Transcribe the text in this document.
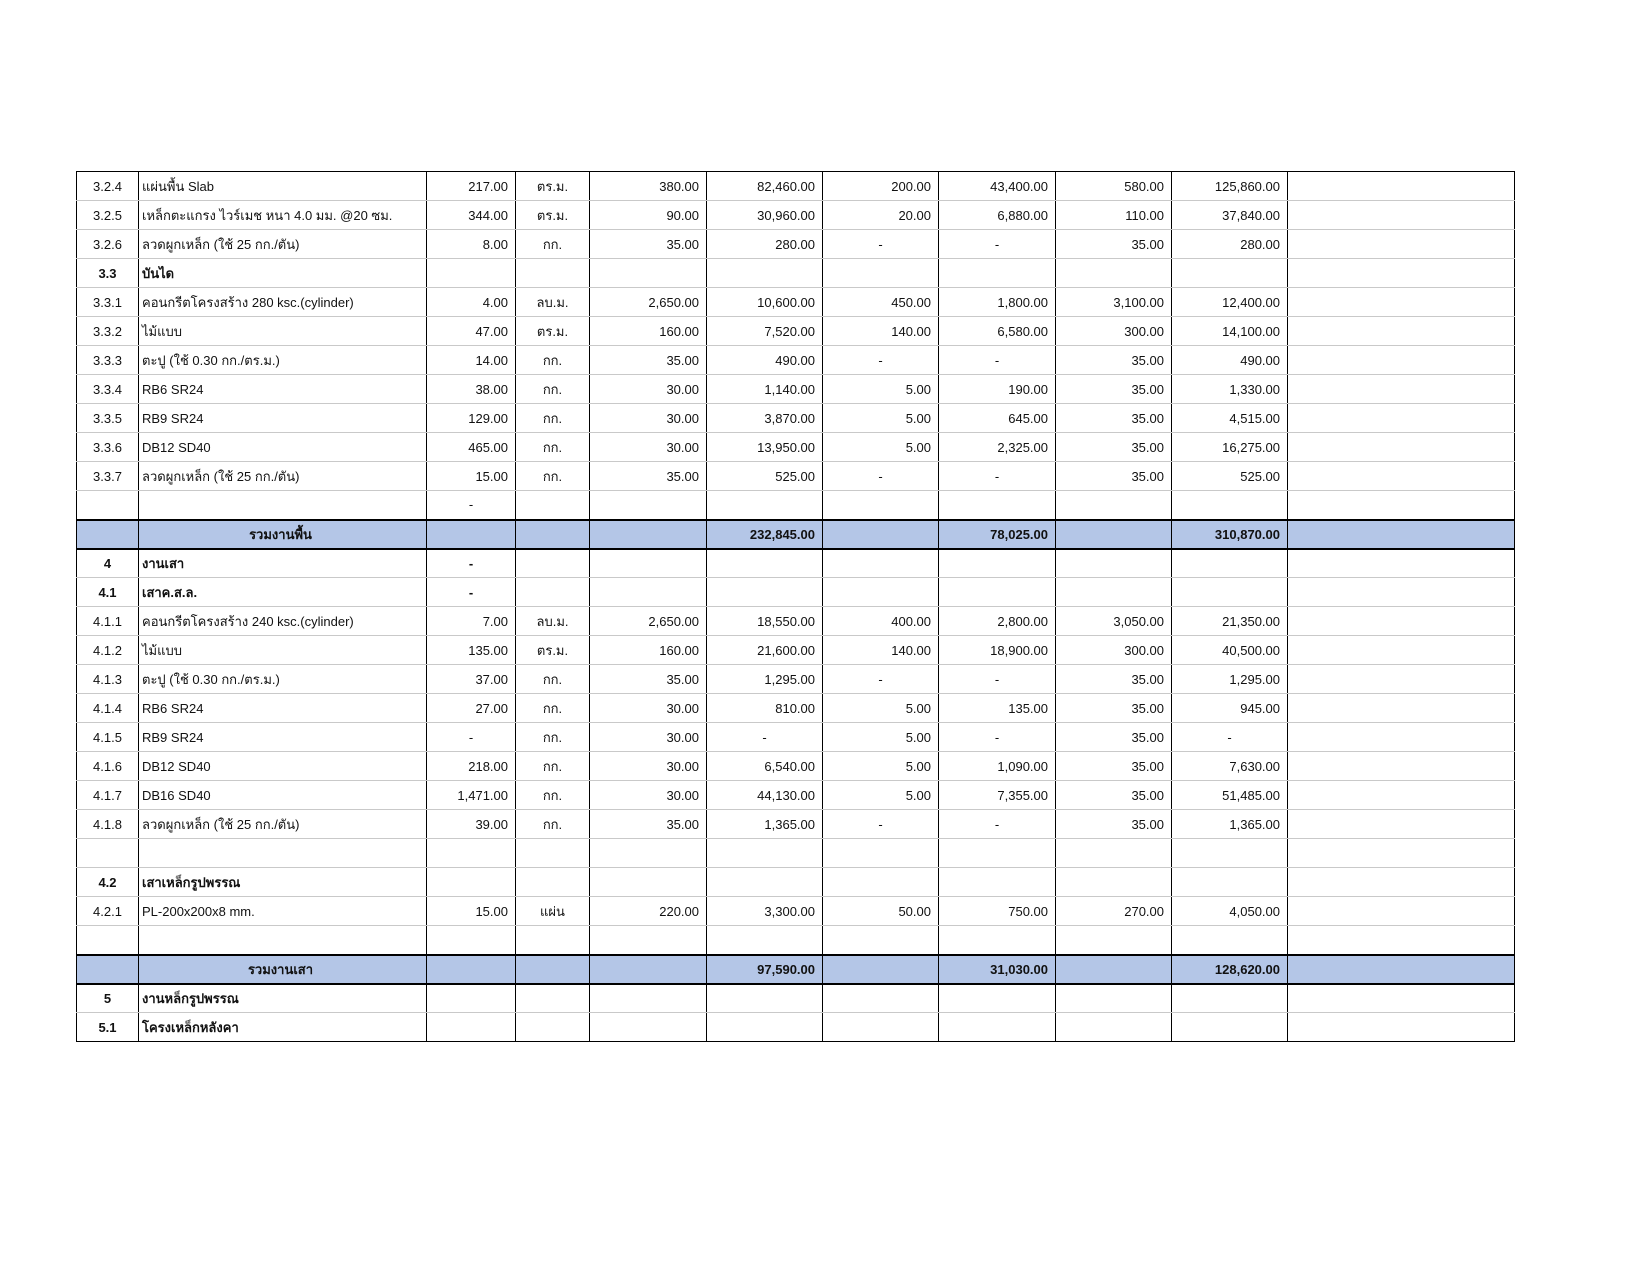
3.2.4	แผ่นพื้น Slab	217.00	ตร.ม.	380.00	82,460.00	200.00	43,400.00	580.00	125,860.00	
3.2.5	เหล็กตะแกรง ไวร์เมช หนา 4.0 มม. @20 ซม.	344.00	ตร.ม.	90.00	30,960.00	20.00	6,880.00	110.00	37,840.00	
3.2.6	ลวดผูกเหล็ก (ใช้ 25 กก./ตัน)	8.00	กก.	35.00	280.00	-	-	35.00	280.00	
3.3	บันได									
3.3.1	คอนกรีตโครงสร้าง 280 ksc.(cylinder)	4.00	ลบ.ม.	2,650.00	10,600.00	450.00	1,800.00	3,100.00	12,400.00	
3.3.2	ไม้แบบ	47.00	ตร.ม.	160.00	7,520.00	140.00	6,580.00	300.00	14,100.00	
3.3.3	ตะปู (ใช้ 0.30 กก./ตร.ม.)	14.00	กก.	35.00	490.00	-	-	35.00	490.00	
3.3.4	RB6 SR24	38.00	กก.	30.00	1,140.00	5.00	190.00	35.00	1,330.00	
3.3.5	RB9 SR24	129.00	กก.	30.00	3,870.00	5.00	645.00	35.00	4,515.00	
3.3.6	DB12 SD40	465.00	กก.	30.00	13,950.00	5.00	2,325.00	35.00	16,275.00	
3.3.7	ลวดผูกเหล็ก (ใช้ 25 กก./ตัน)	15.00	กก.	35.00	525.00	-	-	35.00	525.00	
		-								
	รวมงานพื้น				232,845.00		78,025.00		310,870.00	
4	งานเสา	-								
4.1	เสาค.ส.ล.	-								
4.1.1	คอนกรีตโครงสร้าง 240 ksc.(cylinder)	7.00	ลบ.ม.	2,650.00	18,550.00	400.00	2,800.00	3,050.00	21,350.00	
4.1.2	ไม้แบบ	135.00	ตร.ม.	160.00	21,600.00	140.00	18,900.00	300.00	40,500.00	
4.1.3	ตะปู (ใช้ 0.30 กก./ตร.ม.)	37.00	กก.	35.00	1,295.00	-	-	35.00	1,295.00	
4.1.4	RB6 SR24	27.00	กก.	30.00	810.00	5.00	135.00	35.00	945.00	
4.1.5	RB9 SR24	-	กก.	30.00	-	5.00	-	35.00	-	
4.1.6	DB12 SD40	218.00	กก.	30.00	6,540.00	5.00	1,090.00	35.00	7,630.00	
4.1.7	DB16 SD40	1,471.00	กก.	30.00	44,130.00	5.00	7,355.00	35.00	51,485.00	
4.1.8	ลวดผูกเหล็ก (ใช้ 25 กก./ตัน)	39.00	กก.	35.00	1,365.00	-	-	35.00	1,365.00	

4.2	เสาเหล็กรูปพรรณ									
4.2.1	PL-200x200x8 mm.	15.00	แผ่น	220.00	3,300.00	50.00	750.00	270.00	4,050.00	

	รวมงานเสา				97,590.00		31,030.00		128,620.00	
5	งานหล็กรูปพรรณ									
5.1	โครงเหล็กหลังคา									
